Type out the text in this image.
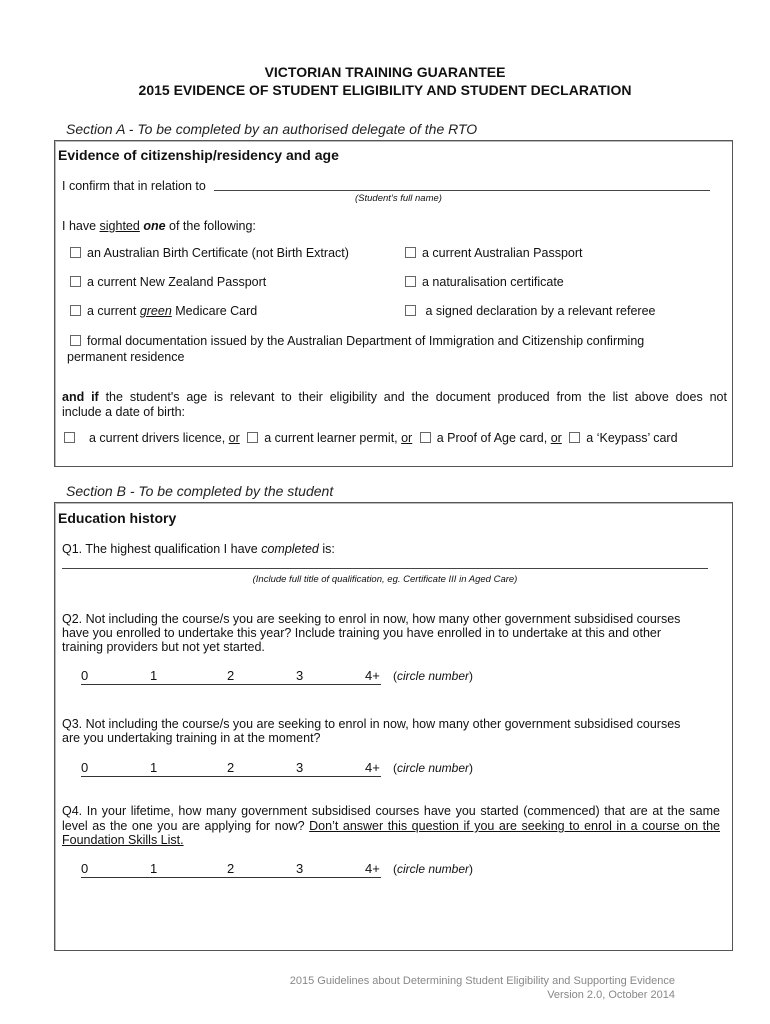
VICTORIAN TRAINING GUARANTEE
2015 EVIDENCE OF STUDENT ELIGIBILITY AND STUDENT DECLARATION
Section A - To be completed by an authorised delegate of the RTO
Evidence of citizenship/residency and age
I confirm that in relation to
(Student’s full name)
I have sighted one of the following:
an Australian Birth Certificate (not Birth Extract)	a current Australian Passport
a current New Zealand Passport	a naturalisation certificate
a current green Medicare Card	a signed declaration by a relevant referee
formal documentation issued by the Australian Department of Immigration and Citizenship confirming
permanent residence
and if the student's age is relevant to their eligibility and the document produced from the list above does not
include a date of birth:
a current drivers licence, or a current learner permit, or a Proof of Age card, or a ‘Keypass’ card
Section B - To be completed by the student
Education history
Q1. The highest qualification I have completed is:
(Include full title of qualification, eg. Certificate III in Aged Care)
Q2. Not including the course/s you are seeking to enrol in now, how many other government subsidised courses
have you enrolled to undertake this year? Include training you have enrolled in to undertake at this and other
training providers but not yet started.
0	1	2	3	4+ (circle number)
Q3. Not including the course/s you are seeking to enrol in now, how many other government subsidised courses
are you undertaking training in at the moment?
0	1	2	3	4+ (circle number)
Q4. In your lifetime, how many government subsidised courses have you started (commenced) that are at the same
level as the one you are applying for now? Don’t answer this question if you are seeking to enrol in a course on the
Foundation Skills List.
0	1	2	3	4+ (circle number)
2015 Guidelines about Determining Student Eligibility and Supporting Evidence
Version 2.0, October 2014
